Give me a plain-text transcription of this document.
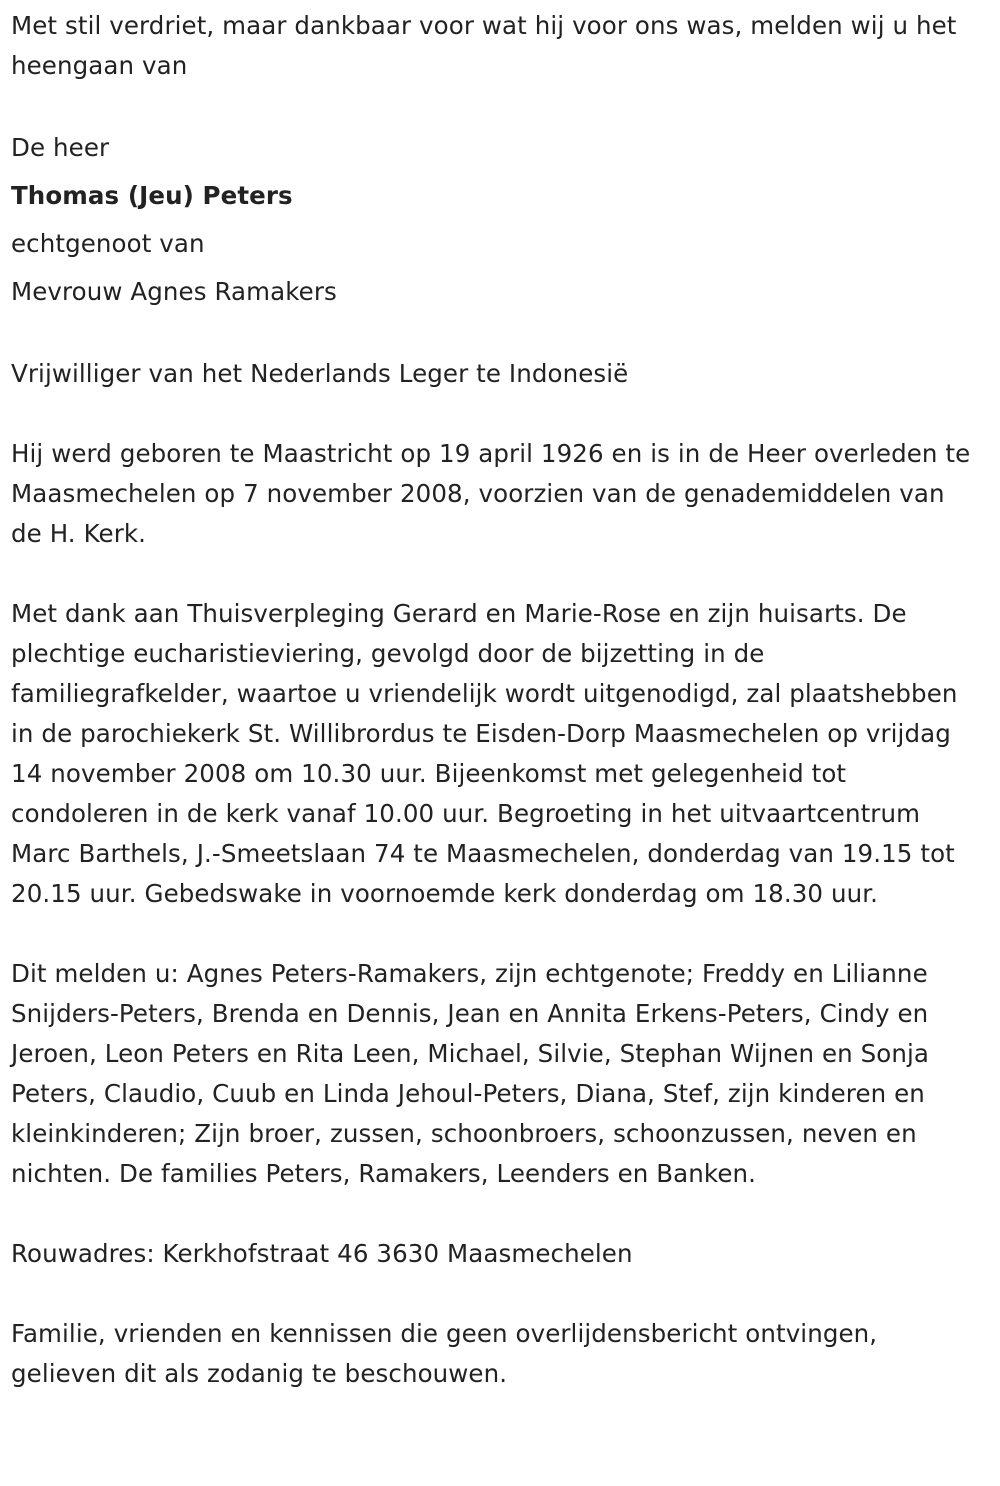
Met stil verdriet, maar dankbaar voor wat hij voor ons was, melden wij u het heengaan van

De heer

Thomas (Jeu) Peters

echtgenoot van

Mevrouw Agnes Ramakers

Vrijwilliger van het Nederlands Leger te Indonesië

Hij werd geboren te Maastricht op 19 april 1926 en is in de Heer overleden te Maasmechelen op 7 november 2008, voorzien van de genademiddelen van de H. Kerk.

Met dank aan Thuisverpleging Gerard en Marie-Rose en zijn huisarts. De plechtige eucharistieviering, gevolgd door de bijzetting in de familiegrafkelder, waartoe u vriendelijk wordt uitgenodigd, zal plaatshebben in de parochiekerk St. Willibrordus te Eisden-Dorp Maasmechelen op vrijdag 14 november 2008 om 10.30 uur. Bijeenkomst met gelegenheid tot condoleren in de kerk vanaf 10.00 uur. Begroeting in het uitvaartcentrum Marc Barthels, J.-Smeetslaan 74 te Maasmechelen, donderdag van 19.15 tot 20.15 uur. Gebedswake in voornoemde kerk donderdag om 18.30 uur.

Dit melden u: Agnes Peters-Ramakers, zijn echtgenote; Freddy en Lilianne Snijders-Peters, Brenda en Dennis, Jean en Annita Erkens-Peters, Cindy en Jeroen, Leon Peters en Rita Leen, Michael, Silvie, Stephan Wijnen en Sonja Peters, Claudio, Cuub en Linda Jehoul-Peters, Diana, Stef, zijn kinderen en kleinkinderen; Zijn broer, zussen, schoonbroers, schoonzussen, neven en nichten. De families Peters, Ramakers, Leenders en Banken.

Rouwadres: Kerkhofstraat 46 3630 Maasmechelen

Familie, vrienden en kennissen die geen overlijdensbericht ontvingen, gelieven dit als zodanig te beschouwen.
